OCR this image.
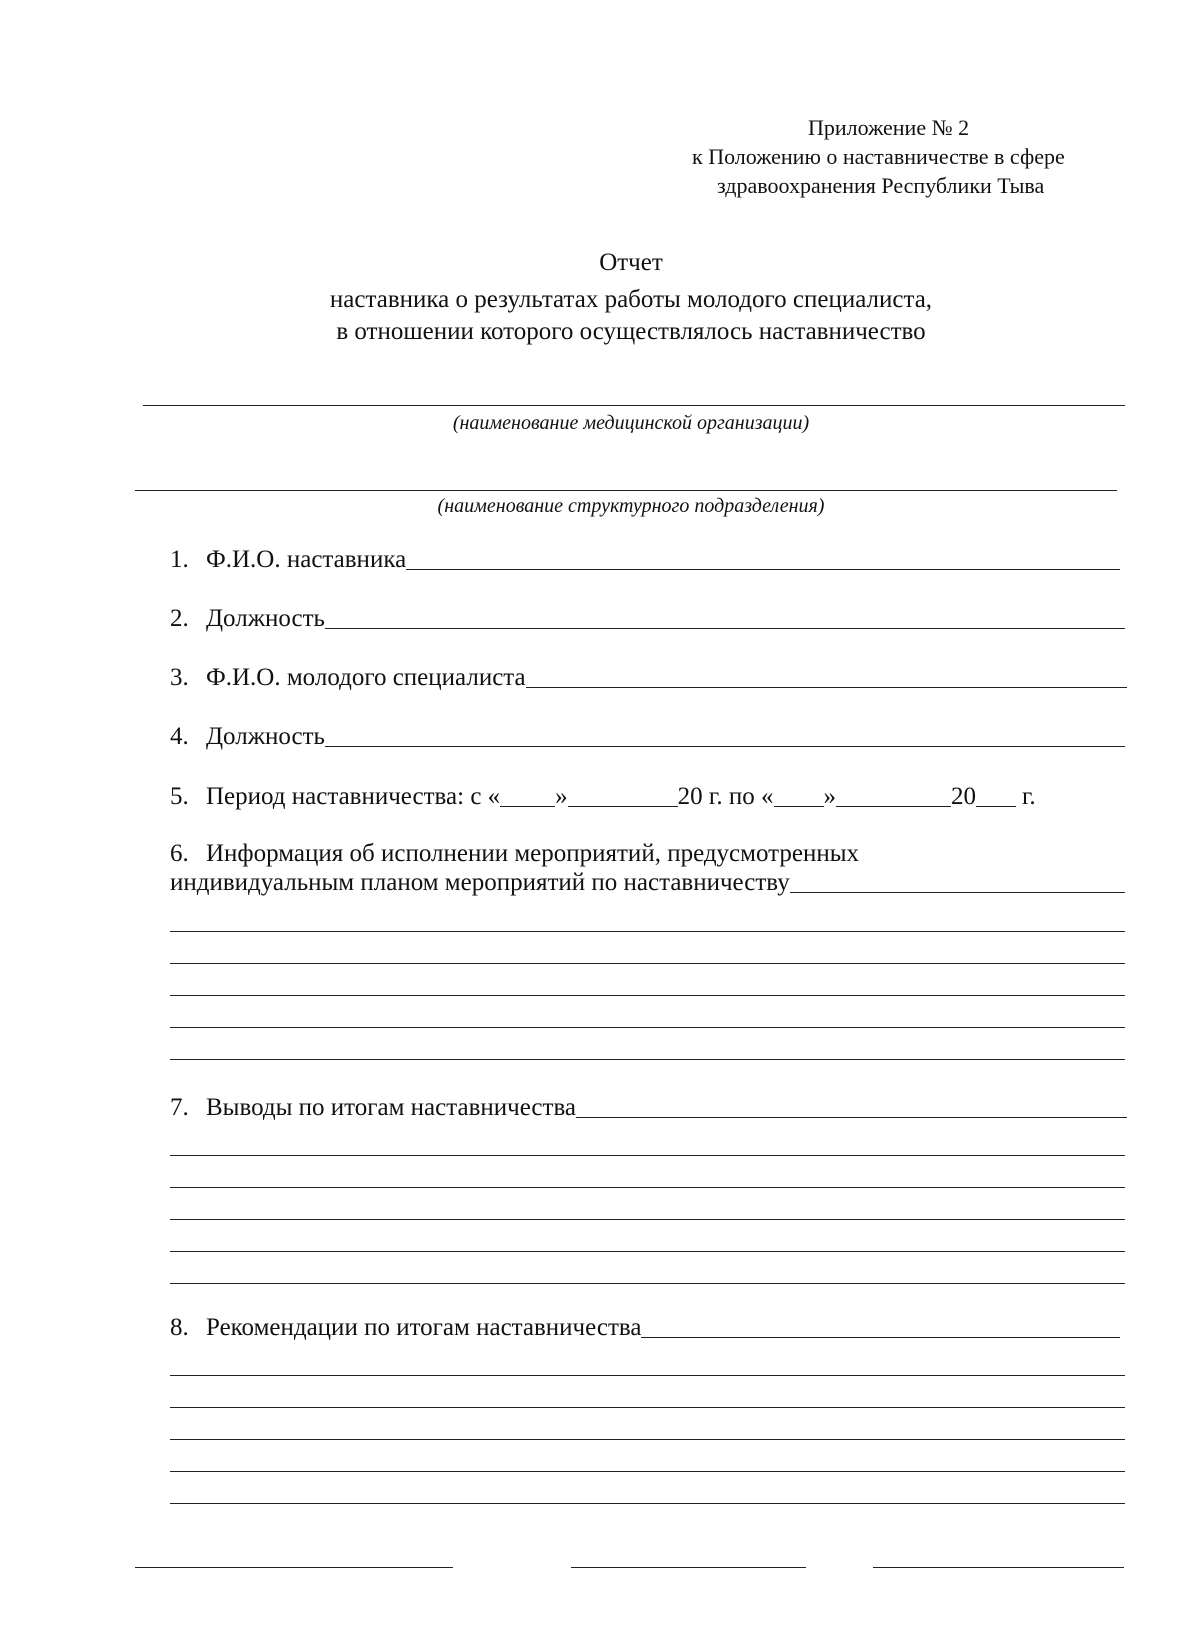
Приложение № 2
к Положению о наставничестве в сфере
здравоохранения Республики Тыва
Отчет
наставника о результатах работы молодого специалиста,
в отношении которого осуществлялось наставничество
(наименование медицинской организации)
(наименование структурного подразделения)
1. Ф.И.О. наставника
2. Должность
3. Ф.И.О. молодого специалиста
4. Должность
5. Период наставничества: с « »	20 г. по « »	20 г.
6. Информация об исполнении мероприятий, предусмотренных
индивидуальным планом мероприятий по наставничеству
7. Выводы по итогам наставничества
8. Рекомендации по итогам наставничества
